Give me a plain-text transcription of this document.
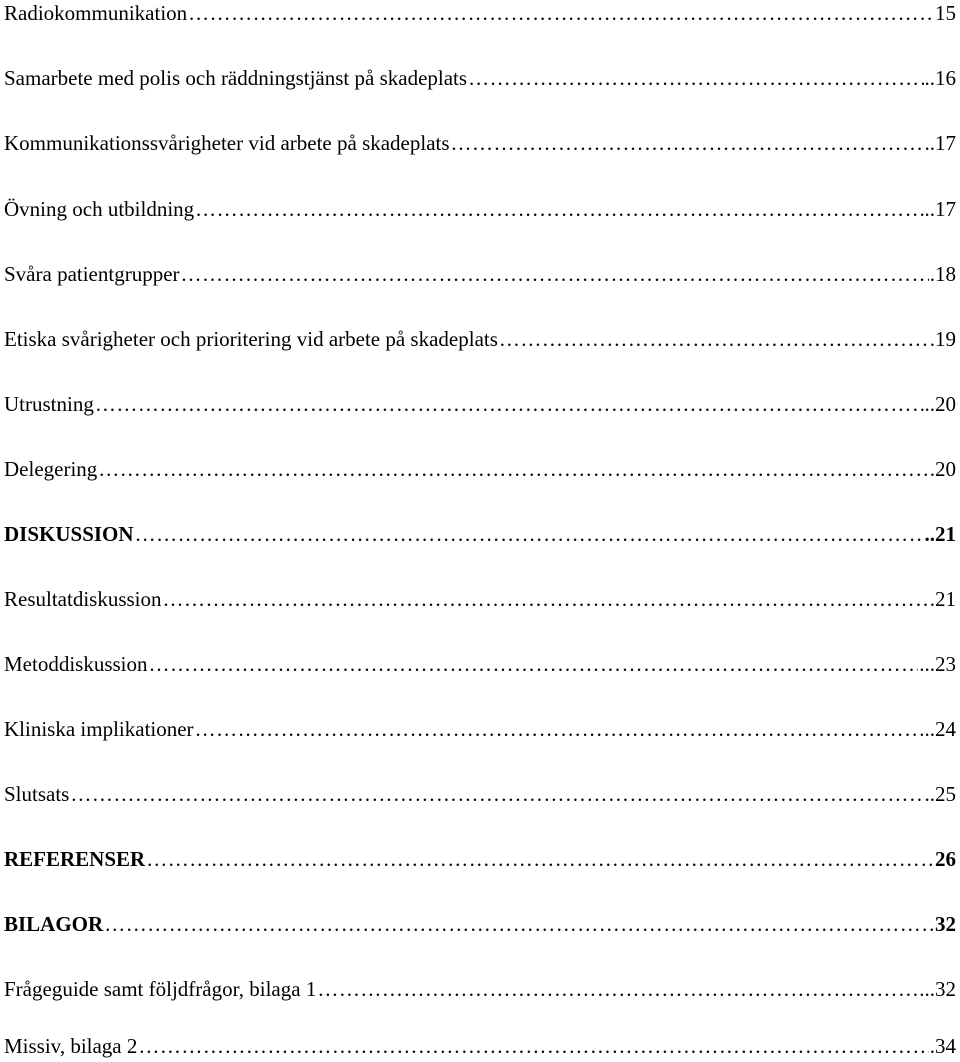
Radiokommunikation ………………………………………………………………………………………………………………………………………………………………………………………………………………………………………………………………	15
Samarbete med polis och räddningstjänst på skadeplats ………………………………………………………………………………………………………………………………………………………………………………………………………………………………………………………………	..16
Kommunikationssvårigheter vid arbete på skadeplats ………………………………………………………………………………………………………………………………………………………………………………………………………………………………………………………………	..17
Övning och utbildning ………………………………………………………………………………………………………………………………………………………………………………………………………………………………………………………………	..17
Svåra patientgrupper ………………………………………………………………………………………………………………………………………………………………………………………………………………………………………………………………	.18
Etiska svårigheter och prioritering vid arbete på skadeplats ………………………………………………………………………………………………………………………………………………………………………………………………………………………………………………………………	.19
Utrustning ………………………………………………………………………………………………………………………………………………………………………………………………………………………………………………………………	..20
Delegering ………………………………………………………………………………………………………………………………………………………………………………………………………………………………………………………………	.20
DISKUSSION ………………………………………………………………………………………………………………………………………………………………………………………………………………………………………………………………	..21
Resultatdiskussion ………………………………………………………………………………………………………………………………………………………………………………………………………………………………………………………………	.21
Metoddiskussion ………………………………………………………………………………………………………………………………………………………………………………………………………………………………………………………………	...23
Kliniska implikationer ………………………………………………………………………………………………………………………………………………………………………………………………………………………………………………………………	...24
Slutsats ………………………………………………………………………………………………………………………………………………………………………………………………………………………………………………………………	..25
REFERENSER ………………………………………………………………………………………………………………………………………………………………………………………………………………………………………………………………	26
BILAGOR ………………………………………………………………………………………………………………………………………………………………………………………………………………………………………………………………	32
Frågeguide samt följdfrågor, bilaga 1 ………………………………………………………………………………………………………………………………………………………………………………………………………………………………………………………………	...32
Missiv, bilaga 2 ………………………………………………………………………………………………………………………………………………………………………………………………………………………………………………………………	.34
